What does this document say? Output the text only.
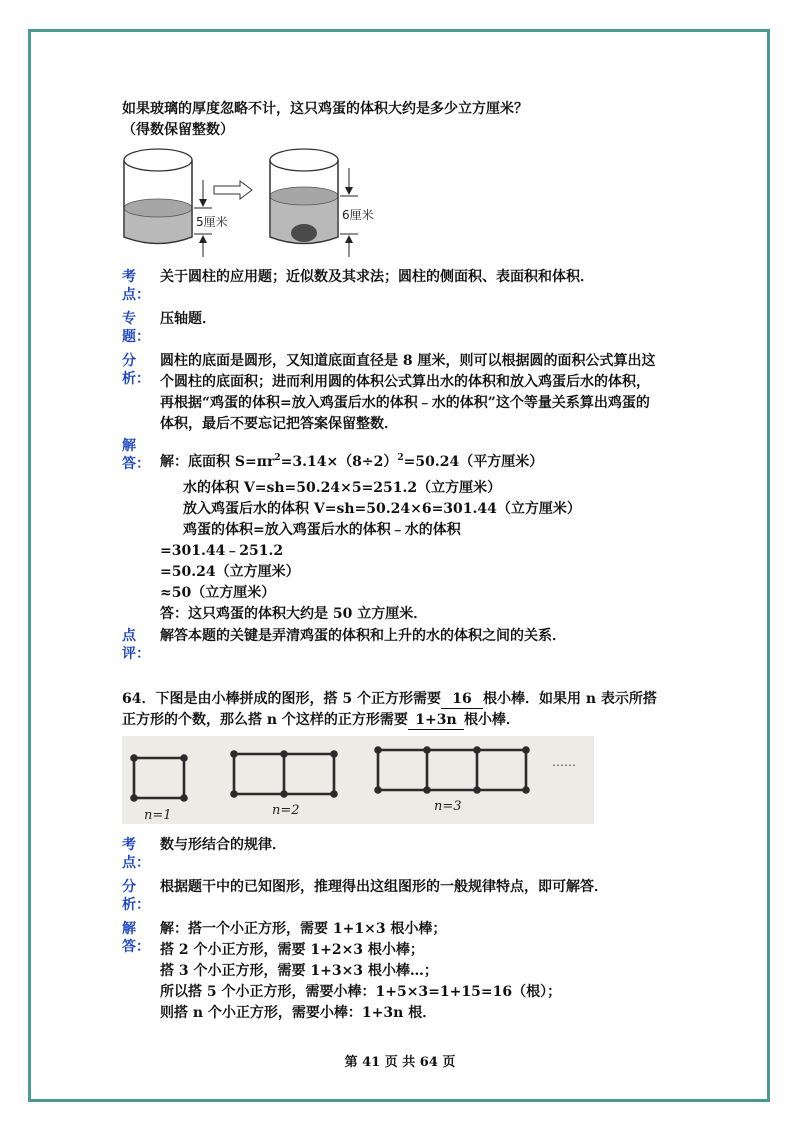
如果玻璃的厚度忽略不计，这只鸡蛋的体积大约是多少立方厘米？
（得数保留整数）
5厘米	6厘米
考
点：
关于圆柱的应用题；近似数及其求法；圆柱的侧面积、表面积和体积．
专
题：
压轴题．
分
析：
圆柱的底面是圆形，又知道底面直径是 8 厘米，则可以根据圆的面积公式算出这
个圆柱的底面积；进而利用圆的体积公式算出水的体积和放入鸡蛋后水的体积，
再根据“鸡蛋的体积=放入鸡蛋后水的体积﹣水的体积”这个等量关系算出鸡蛋的
体积，最后不要忘记把答案保留整数．
解
答： 解：底面积 $S=\pi r^2=3.14\times(8\div 2)^2=50.24$（平方厘米）
水的体积 V=sh=50.24×5=251.2（立方厘米）
放入鸡蛋后水的体积 V=sh=50.24×6=301.44（立方厘米）
鸡蛋的体积=放入鸡蛋后水的体积﹣水的体积
=301.44﹣251.2
=50.24（立方厘米）
≈50（立方厘米）
答：这只鸡蛋的体积大约是 50 立方厘米．
点
评：
解答本题的关键是弄清鸡蛋的体积和上升的水的体积之间的关系．
64．下图是由小棒拼成的图形，搭 5 个正方形需要 16 根小棒．如果用 n 表示所搭
正方形的个数，那么搭 n 个这样的正方形需要 1+3n 根小棒．
n=1	n=2	n=3
……
考
点：
数与形结合的规律．
分
析：
根据题干中的已知图形，推理得出这组图形的一般规律特点，即可解答．
解
答：
解：搭一个小正方形，需要 1+1×3 根小棒；
搭 2 个小正方形，需要 1+2×3 根小棒；
搭 3 个小正方形，需要 1+3×3 根小棒…；
所以搭 5 个小正方形，需要小棒：1+5×3=1+15=16（根）；
则搭 n 个小正方形，需要小棒：1+3n 根．
第 41 页 共 64 页
